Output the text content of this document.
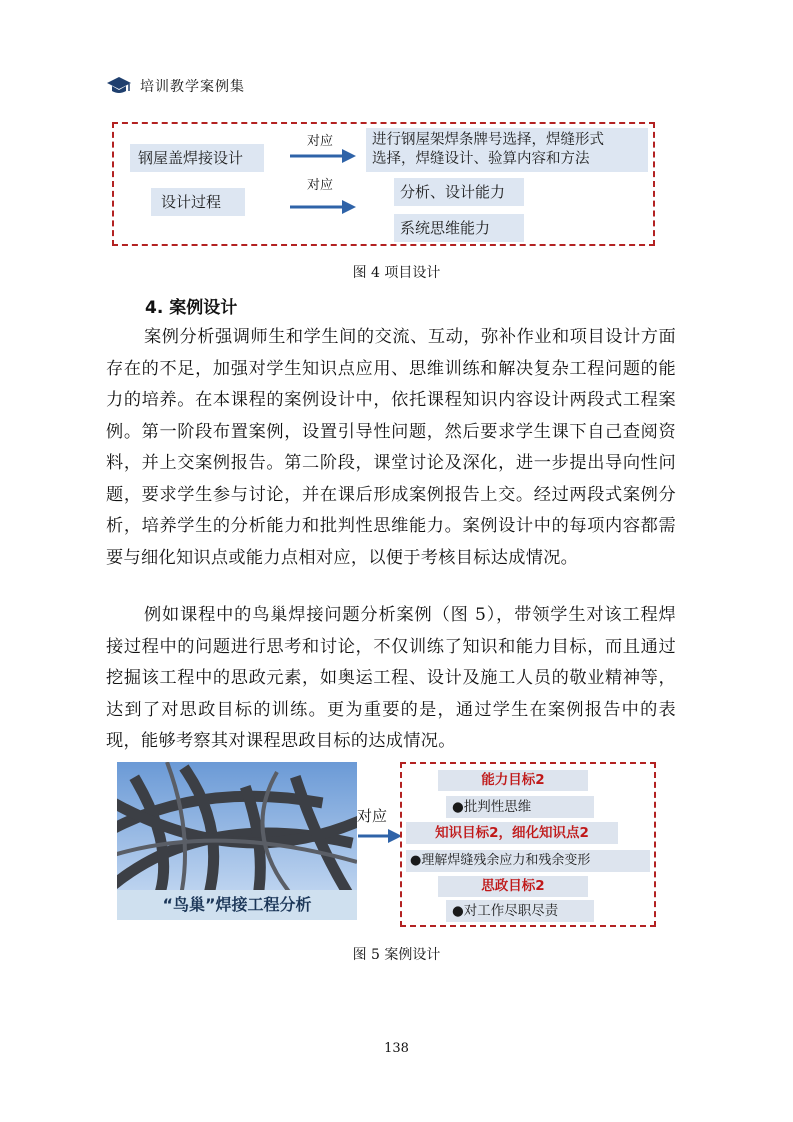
培训教学案例集
钢屋盖焊接设计
设计过程
对应
对应
进行钢屋架焊条牌号选择，焊缝形式
选择，焊缝设计、验算内容和方法
分析、设计能力
系统思维能力
图 4 项目设计
4. 案例设计

案例分析强调师生和学生间的交流、互动，弥补作业和项目设计方面存在的不足，加强对学生知识点应用、思维训练和解决复杂工程问题的能力的培养。在本课程的案例设计中，依托课程知识内容设计两段式工程案例。第一阶段布置案例，设置引导性问题，然后要求学生课下自己查阅资料，并上交案例报告。第二阶段，课堂讨论及深化，进一步提出导向性问题，要求学生参与讨论，并在课后形成案例报告上交。经过两段式案例分析，培养学生的分析能力和批判性思维能力。案例设计中的每项内容都需要与细化知识点或能力点相对应，以便于考核目标达成情况。

例如课程中的鸟巢焊接问题分析案例（图 5），带领学生对该工程焊接过程中的问题进行思考和讨论，不仅训练了知识和能力目标，而且通过挖掘该工程中的思政元素，如奥运工程、设计及施工人员的敬业精神等，达到了对思政目标的训练。更为重要的是，通过学生在案例报告中的表现，能够考察其对课程思政目标的达成情况。

“鸟巢”焊接工程分析
对应
能力目标2
●批判性思维
知识目标2，细化知识点2
●理解焊缝残余应力和残余变形
思政目标2
●对工作尽职尽责
图 5 案例设计
138
